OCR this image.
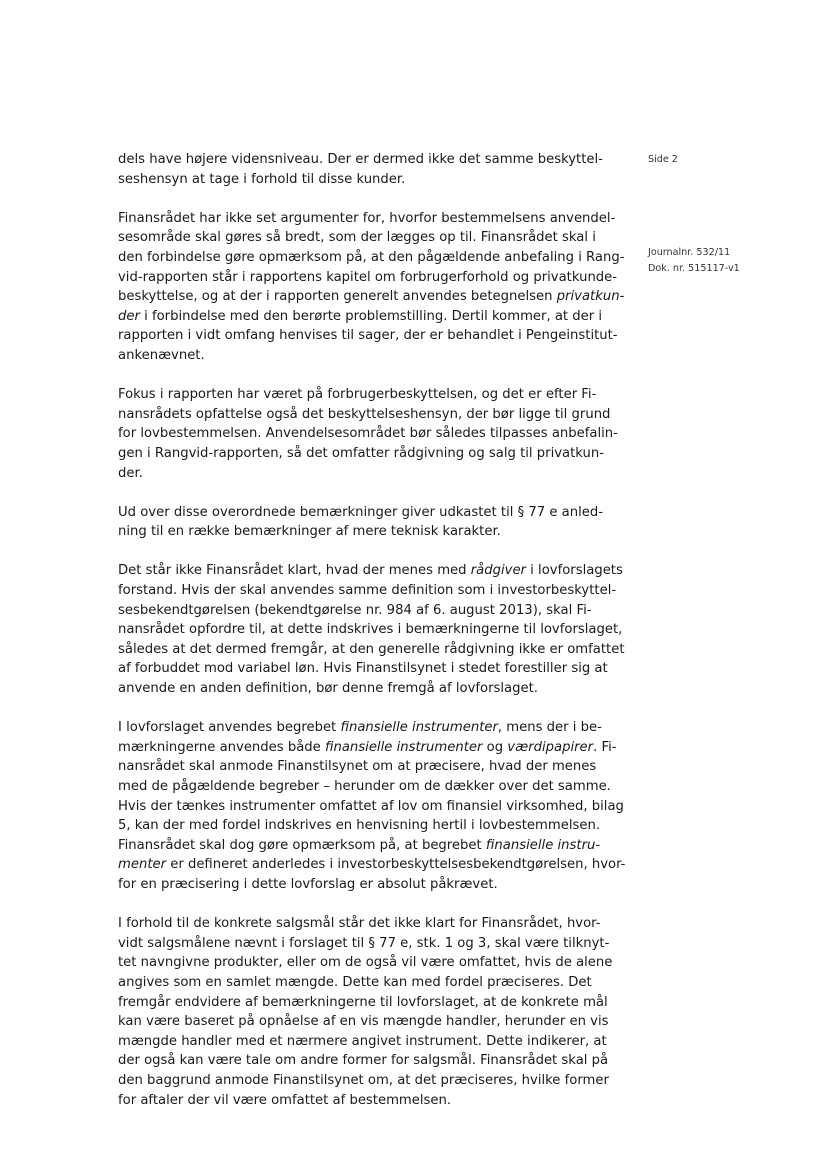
Side 2
Journalnr. 532/11
Dok. nr. 515117-v1

dels have højere vidensniveau. Der er dermed ikke det samme beskyttel-
seshensyn at tage i forhold til disse kunder.

Finansrådet har ikke set argumenter for, hvorfor bestemmelsens anvendel-
sesområde skal gøres så bredt, som der lægges op til. Finansrådet skal i
den forbindelse gøre opmærksom på, at den pågældende anbefaling i Rang-
vid-rapporten står i rapportens kapitel om forbrugerforhold og privatkunde-
beskyttelse, og at der i rapporten generelt anvendes betegnelsen privatkun-
der i forbindelse med den berørte problemstilling. Dertil kommer, at der i
rapporten i vidt omfang henvises til sager, der er behandlet i Pengeinstitut-
ankenævnet.

Fokus i rapporten har været på forbrugerbeskyttelsen, og det er efter Fi-
nansrådets opfattelse også det beskyttelseshensyn, der bør ligge til grund
for lovbestemmelsen. Anvendelsesområdet bør således tilpasses anbefalin-
gen i Rangvid-rapporten, så det omfatter rådgivning og salg til privatkun-
der.

Ud over disse overordnede bemærkninger giver udkastet til § 77 e anled-
ning til en række bemærkninger af mere teknisk karakter.

Det står ikke Finansrådet klart, hvad der menes med rådgiver i lovforslagets
forstand. Hvis der skal anvendes samme definition som i investorbeskyttel-
sesbekendtgørelsen (bekendtgørelse nr. 984 af 6. august 2013), skal Fi-
nansrådet opfordre til, at dette indskrives i bemærkningerne til lovforslaget,
således at det dermed fremgår, at den generelle rådgivning ikke er omfattet
af forbuddet mod variabel løn. Hvis Finanstilsynet i stedet forestiller sig at
anvende en anden definition, bør denne fremgå af lovforslaget.

I lovforslaget anvendes begrebet finansielle instrumenter, mens der i be-
mærkningerne anvendes både finansielle instrumenter og værdipapirer. Fi-
nansrådet skal anmode Finanstilsynet om at præcisere, hvad der menes
med de pågældende begreber – herunder om de dækker over det samme.
Hvis der tænkes instrumenter omfattet af lov om finansiel virksomhed, bilag
5, kan der med fordel indskrives en henvisning hertil i lovbestemmelsen.
Finansrådet skal dog gøre opmærksom på, at begrebet finansielle instru-
menter er defineret anderledes i investorbeskyttelsesbekendtgørelsen, hvor-
for en præcisering i dette lovforslag er absolut påkrævet.

I forhold til de konkrete salgsmål står det ikke klart for Finansrådet, hvor-
vidt salgsmålene nævnt i forslaget til § 77 e, stk. 1 og 3, skal være tilknyt-
tet navngivne produkter, eller om de også vil være omfattet, hvis de alene
angives som en samlet mængde. Dette kan med fordel præciseres. Det
fremgår endvidere af bemærkningerne til lovforslaget, at de konkrete mål
kan være baseret på opnåelse af en vis mængde handler, herunder en vis
mængde handler med et nærmere angivet instrument. Dette indikerer, at
der også kan være tale om andre former for salgsmål. Finansrådet skal på
den baggrund anmode Finanstilsynet om, at det præciseres, hvilke former
for aftaler der vil være omfattet af bestemmelsen.
